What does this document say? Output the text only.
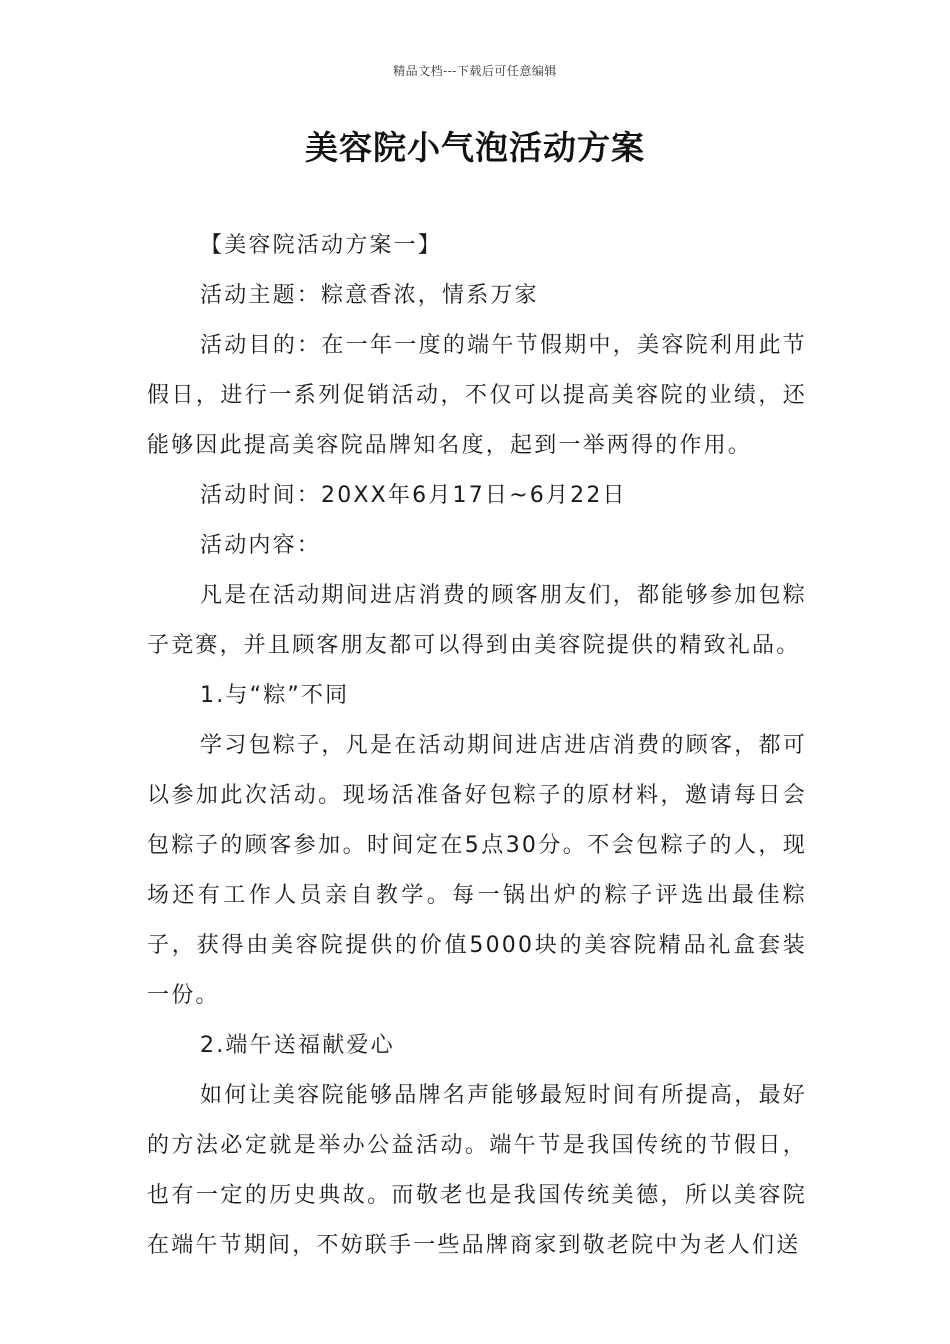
精品文档---下载后可任意编辑
美容院小气泡活动方案

【美容院活动方案一】

活动主题：粽意香浓，情系万家

活动目的：在一年一度的端午节假期中，美容院利用此节假日，进行一系列促销活动，不仅可以提高美容院的业绩，还能够因此提高美容院品牌知名度，起到一举两得的作用。

活动时间：20XX年6月17日~6月22日

活动内容：

凡是在活动期间进店消费的顾客朋友们，都能够参加包粽子竞赛，并且顾客朋友都可以得到由美容院提供的精致礼品。

1.与“粽”不同

学习包粽子，凡是在活动期间进店进店消费的顾客，都可以参加此次活动。现场活准备好包粽子的原材料，邀请每日会包粽子的顾客参加。时间定在5点30分。不会包粽子的人，现场还有工作人员亲自教学。每一锅出炉的粽子评选出最佳粽子，获得由美容院提供的价值5000块的美容院精品礼盒套装一份。

2.端午送福献爱心

如何让美容院能够品牌名声能够最短时间有所提高，最好的方法必定就是举办公益活动。端午节是我国传统的节假日，也有一定的历史典故。而敬老也是我国传统美德，所以美容院在端午节期间，不妨联手一些品牌商家到敬老院中为老人们送
